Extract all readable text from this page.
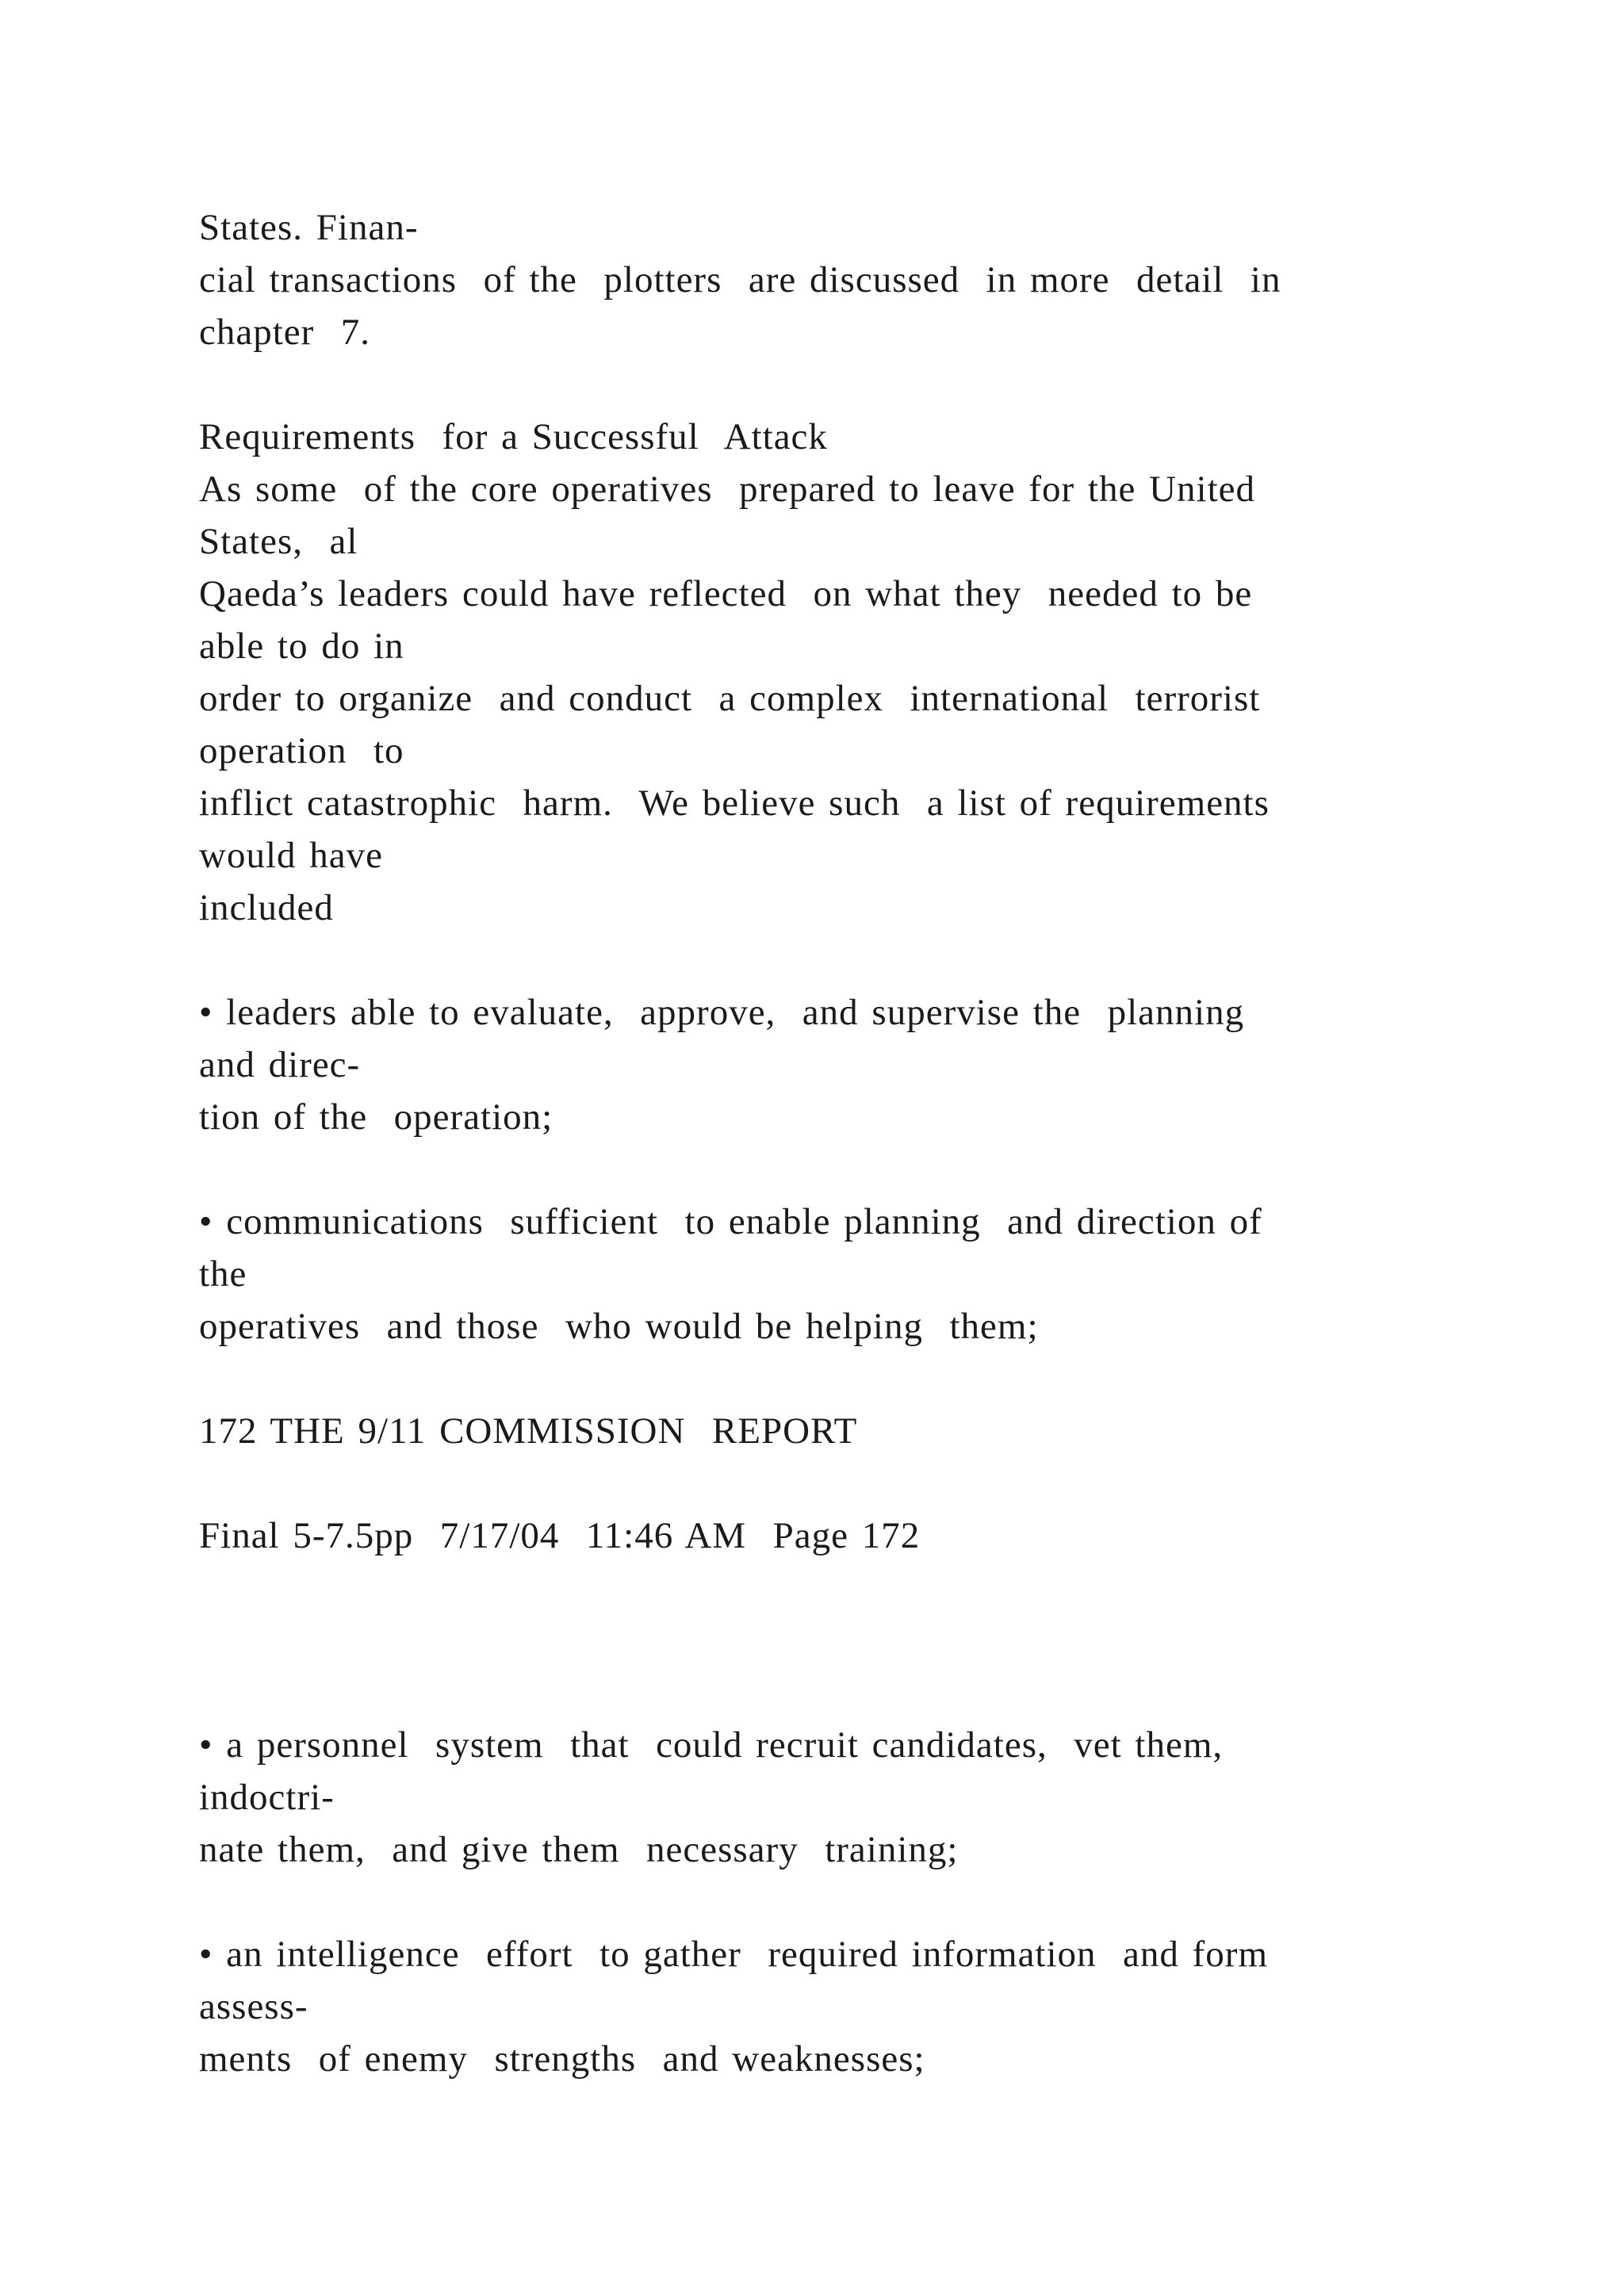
States. Finan-
cial transactions  of the  plotters  are discussed  in more  detail  in
chapter  7.
Requirements  for a Successful  Attack
As some  of the core operatives  prepared to leave for the United
States,  al
Qaeda’s leaders could have reflected  on what they  needed to be
able to do in
order to organize  and conduct  a complex  international  terrorist
operation  to
inflict catastrophic  harm.  We believe such  a list of requirements
would have
included
• leaders able to evaluate,  approve,  and supervise the  planning
and direc-
tion of the  operation;
• communications  sufficient  to enable planning  and direction of
the
operatives  and those  who would be helping  them;
172 THE 9/11 COMMISSION  REPORT
Final 5-7.5pp  7/17/04  11:46 AM  Page 172
• a personnel  system  that  could recruit candidates,  vet them,
indoctri-
nate them,  and give them  necessary  training;
• an intelligence  effort  to gather  required information  and form
assess-
ments  of enemy  strengths  and weaknesses;
